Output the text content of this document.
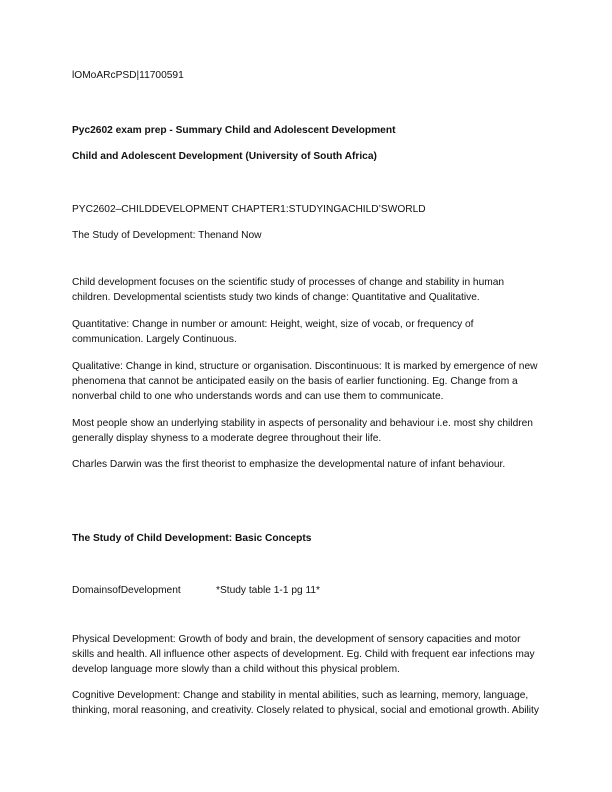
lOMoARcPSD|11700591
Pyc2602 exam prep - Summary Child and Adolescent Development
Child and Adolescent Development (University of South Africa)
PYC2602–CHILDDEVELOPMENT CHAPTER1:STUDYINGACHILD’SWORLD
The Study of Development: Thenand Now
Child development focuses on the scientific study of processes of change and stability in human
children. Developmental scientists study two kinds of change: Quantitative and Qualitative.
Quantitative: Change in number or amount: Height, weight, size of vocab, or frequency of
communication. Largely Continuous.
Qualitative: Change in kind, structure or organisation. Discontinuous: It is marked by emergence of new
phenomena that cannot be anticipated easily on the basis of earlier functioning. Eg. Change from a
nonverbal child to one who understands words and can use them to communicate.
Most people show an underlying stability in aspects of personality and behaviour i.e. most shy children
generally display shyness to a moderate degree throughout their life.
Charles Darwin was the first theorist to emphasize the developmental nature of infant behaviour.
The Study of Child Development: Basic Concepts
DomainsofDevelopment	*Study table 1-1 pg 11*
Physical Development: Growth of body and brain, the development of sensory capacities and motor
skills and health. All influence other aspects of development. Eg. Child with frequent ear infections may
develop language more slowly than a child without this physical problem.
Cognitive Development: Change and stability in mental abilities, such as learning, memory, language,
thinking, moral reasoning, and creativity. Closely related to physical, social and emotional growth. Ability
